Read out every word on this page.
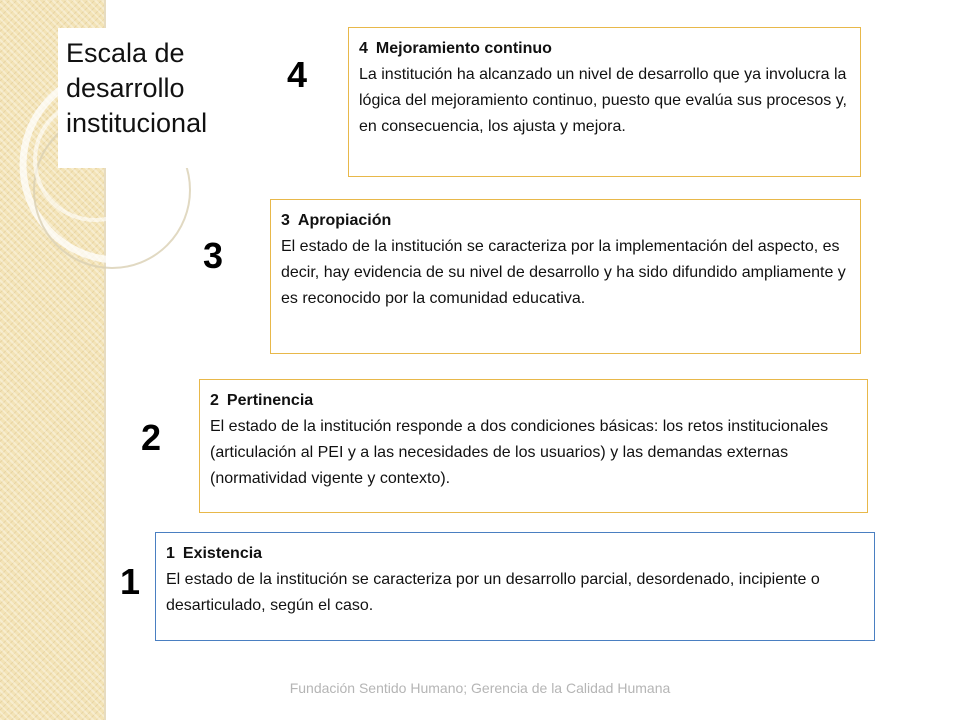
Escala de desarrollo institucional
4
4 Mejoramiento continuo
La institución ha alcanzado un nivel de desarrollo que ya involucra la lógica del mejoramiento continuo, puesto que evalúa sus procesos y, en consecuencia, los ajusta y mejora.
3
3 Apropiación
El estado de la institución se caracteriza por la implementación del aspecto, es decir, hay evidencia de su nivel de desarrollo y ha sido difundido ampliamente y es reconocido por la comunidad educativa.
2
2 Pertinencia
El estado de la institución responde a dos condiciones básicas: los retos institucionales (articulación al PEI y a las necesidades de los usuarios) y las demandas externas (normatividad vigente y contexto).
1
1 Existencia
El estado de la institución se caracteriza por un desarrollo parcial, desordenado, incipiente o desarticulado, según el caso.
Fundación Sentido Humano; Gerencia de la Calidad Humana
